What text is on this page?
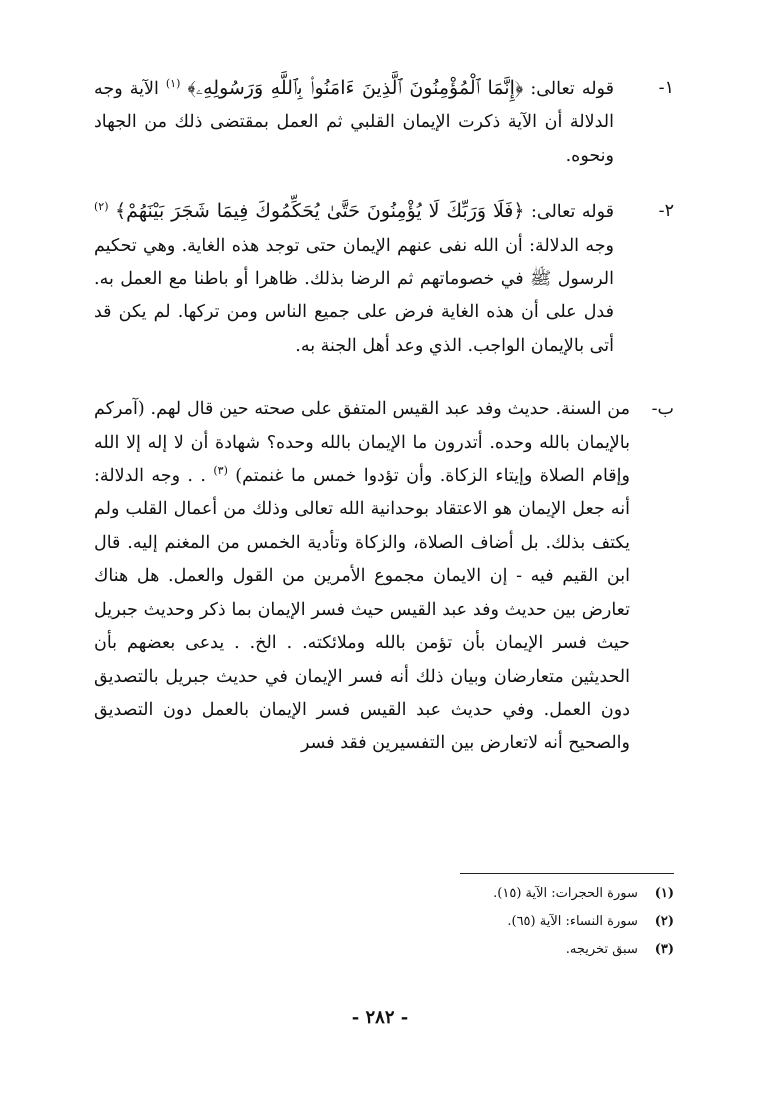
١-
قوله تعالى: ﴿إِنَّمَا ٱلْمُؤْمِنُونَ ٱلَّذِينَ ءَامَنُوا۟ بِٱللَّهِ وَرَسُولِهِۦ﴾ $^{(١)}$ الآية وجه الدلالة أن الآية ذكرت الإيمان القلبي ثم العمل بمقتضى ذلك من الجهاد ونحوه.
٢-
قوله تعالى: ﴿فَلَا وَرَبِّكَ لَا يُؤْمِنُونَ حَتَّىٰ يُحَكِّمُوكَ فِيمَا شَجَرَ بَيْنَهُمْ﴾ $^{(٢)}$ وجه الدلالة: أن الله نفى عنهم الإيمان حتى توجد هذه الغاية. وهي تحكيم الرسول ﷺ في خصوماتهم ثم الرضا بذلك. ظاهرا أو باطنا مع العمل به. فدل على أن هذه الغاية فرض على جميع الناس ومن تركها. لم يكن قد أتى بالإيمان الواجب. الذي وعد أهل الجنة به.
ب-
من السنة. حديث وفد عبد القيس المتفق على صحته حين قال لهم. (آمركم بالإيمان بالله وحده. أتدرون ما الإيمان بالله وحده؟ شهادة أن لا إله إلا الله وإقام الصلاة وإيتاء الزكاة. وأن تؤدوا خمس ما غنمتم) $^{(٣)}$ . . وجه الدلالة: أنه جعل الإيمان هو الاعتقاد بوحدانية الله تعالى وذلك من أعمال القلب ولم يكتف بذلك. بل أضاف الصلاة، والزكاة وتأدية الخمس من المغنم إليه. قال ابن القيم فيه - إن الايمان مجموع الأمرين من القول والعمل. هل هناك تعارض بين حديث وفد عبد القيس حيث فسر الإيمان بما ذكر وحديث جبريل حيث فسر الإيمان بأن تؤمن بالله وملائكته. . الخ. . يدعى بعضهم بأن الحديثين متعارضان وبيان ذلك أنه فسر الإيمان في حديث جبريل بالتصديق دون العمل. وفي حديث عبد القيس فسر الإيمان بالعمل دون التصديق والصحيح أنه لاتعارض بين التفسيرين فقد فسر
(١) سورة الحجرات: الآية (١٥).
(٢) سورة النساء: الآية (٦٥).
(٣) سبق تخريجه.
- ٢٨٢ -
